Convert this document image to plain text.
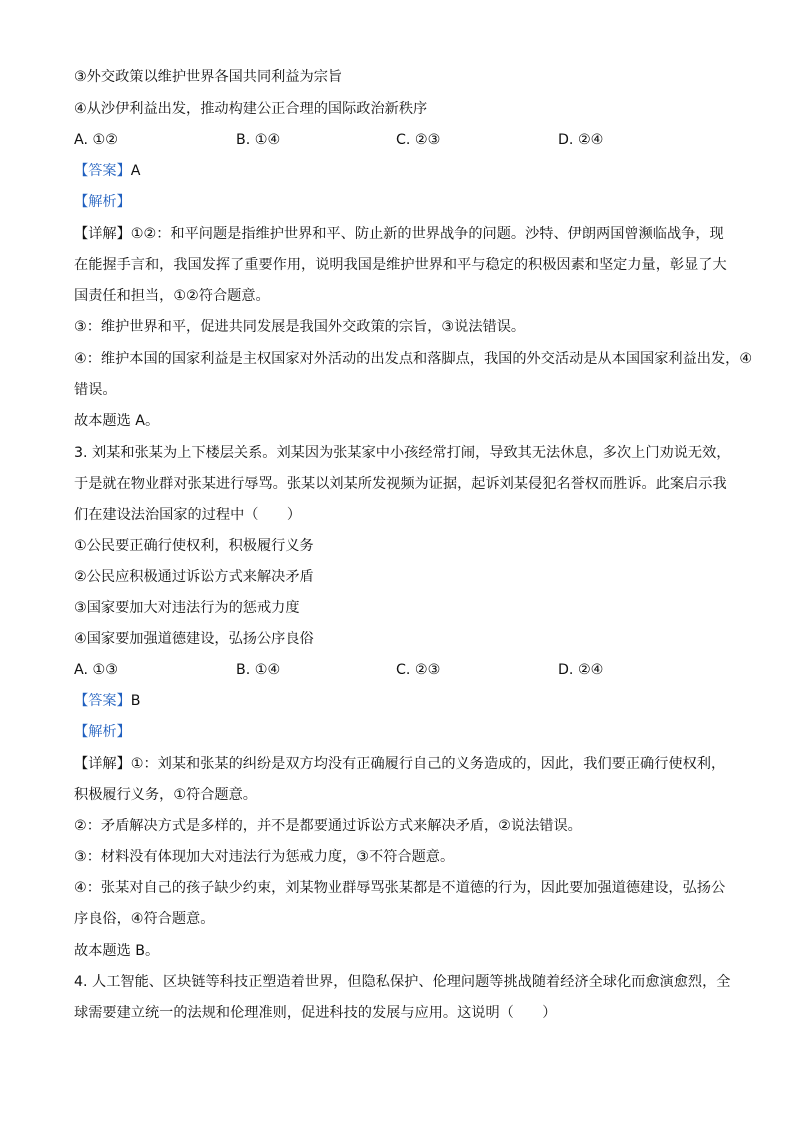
③外交政策以维护世界各国共同利益为宗旨
④从沙伊利益出发，推动构建公正合理的国际政治新秩序
A. ①②	B. ①④	C. ②③	D. ②④
【答案】A
【解析】
【详解】①②：和平问题是指维护世界和平、防止新的世界战争的问题。沙特、伊朗两国曾濒临战争，现
在能握手言和，我国发挥了重要作用，说明我国是维护世界和平与稳定的积极因素和坚定力量，彰显了大
国责任和担当，①②符合题意。
③：维护世界和平，促进共同发展是我国外交政策的宗旨，③说法错误。
④：维护本国的国家利益是主权国家对外活动的出发点和落脚点，我国的外交活动是从本国国家利益出发，④
错误。
故本题选 A。
3. 刘某和张某为上下楼层关系。刘某因为张某家中小孩经常打闹，导致其无法休息，多次上门劝说无效，
于是就在物业群对张某进行辱骂。张某以刘某所发视频为证据，起诉刘某侵犯名誉权而胜诉。此案启示我
们在建设法治国家的过程中（　　）
①公民要正确行使权利，积极履行义务
②公民应积极通过诉讼方式来解决矛盾
③国家要加大对违法行为的惩戒力度
④国家要加强道德建设，弘扬公序良俗
A. ①③	B. ①④	C. ②③	D. ②④
【答案】B
【解析】
【详解】①：刘某和张某的纠纷是双方均没有正确履行自己的义务造成的，因此，我们要正确行使权利，
积极履行义务，①符合题意。
②：矛盾解决方式是多样的，并不是都要通过诉讼方式来解决矛盾，②说法错误。
③：材料没有体现加大对违法行为惩戒力度，③不符合题意。
④：张某对自己的孩子缺少约束，刘某物业群辱骂张某都是不道德的行为，因此要加强道德建设，弘扬公
序良俗，④符合题意。
故本题选 B。
4. 人工智能、区块链等科技正塑造着世界，但隐私保护、伦理问题等挑战随着经济全球化而愈演愈烈，全
球需要建立统一的法规和伦理准则，促进科技的发展与应用。这说明（　　）
